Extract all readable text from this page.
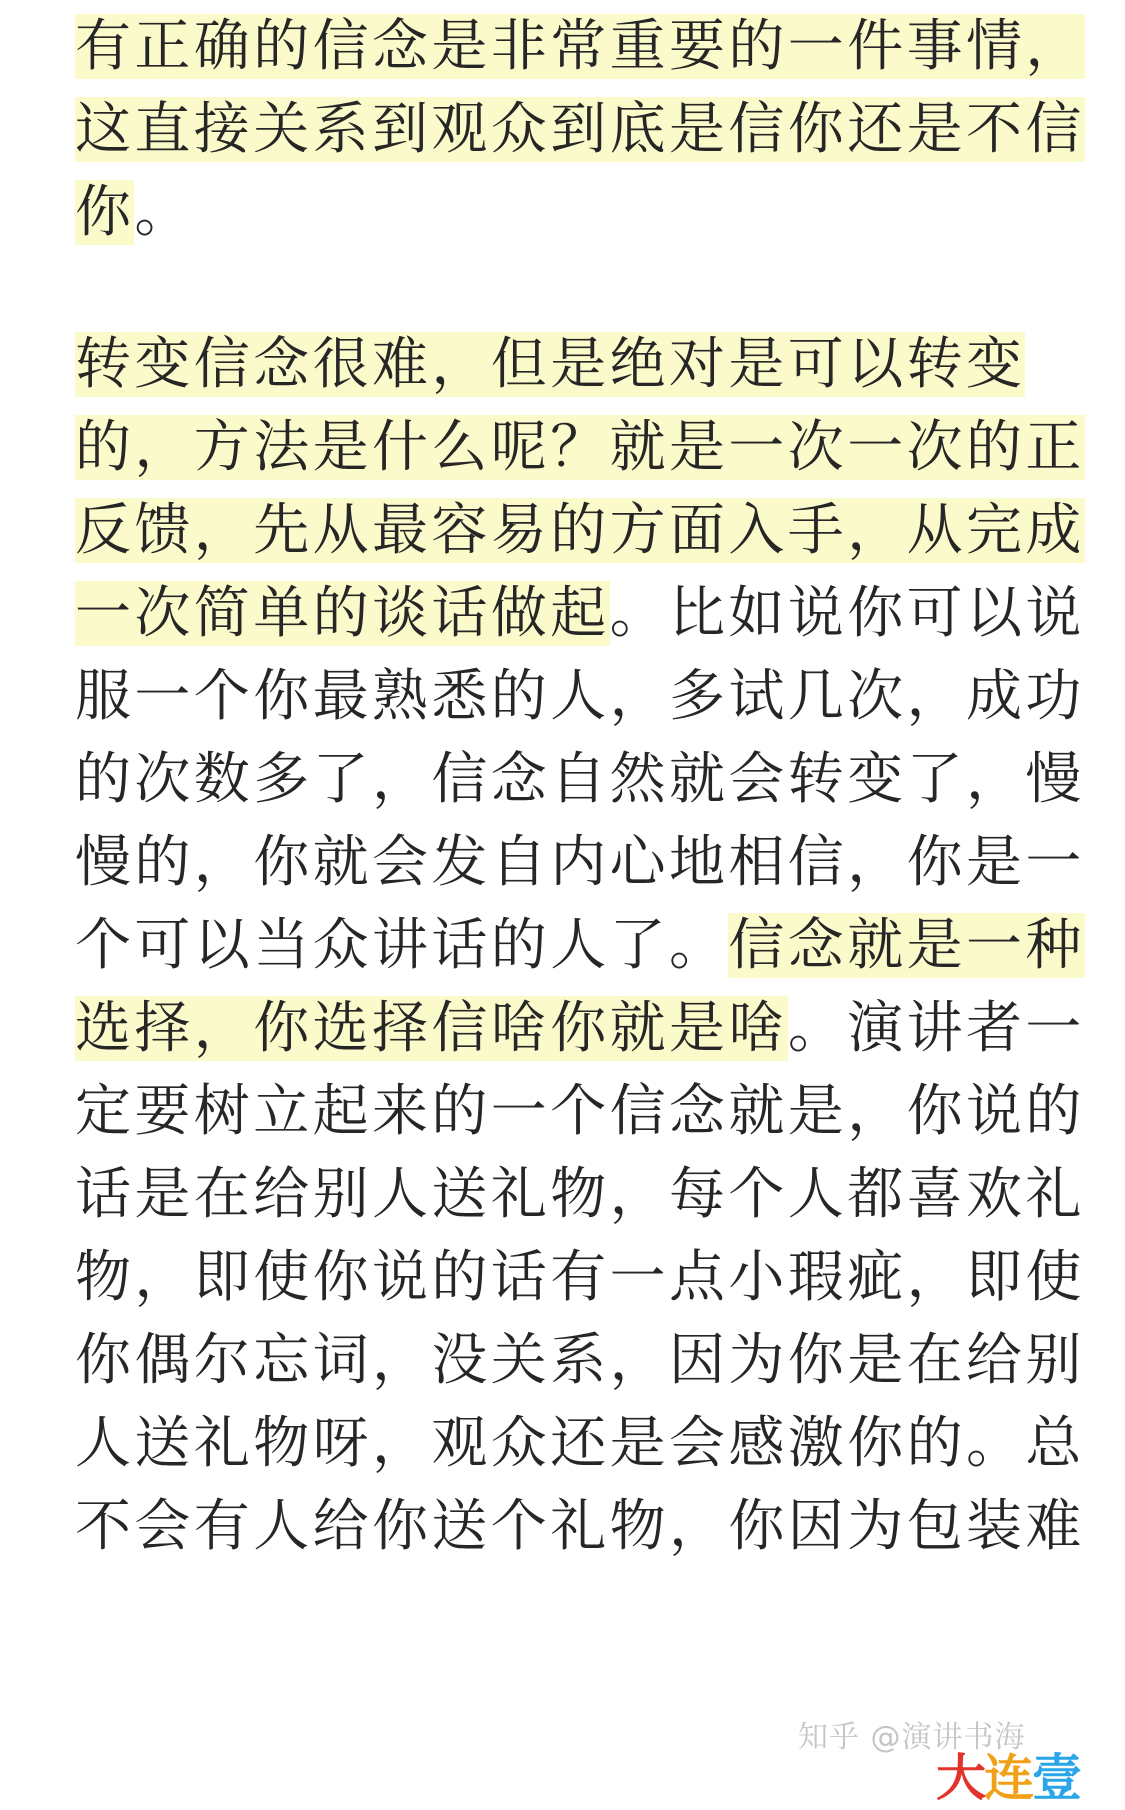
有正确的信念是非常重要的一件事情，
这直接关系到观众到底是信你还是不信
你。
转变信念很难，但是绝对是可以转变
的，方法是什么呢？就是一次一次的正
反馈，先从最容易的方面入手，从完成
一次简单的谈话做起。比如说你可以说
服一个你最熟悉的人，多试几次，成功
的次数多了，信念自然就会转变了，慢
慢的，你就会发自内心地相信，你是一
个可以当众讲话的人了。信念就是一种
选择，你选择信啥你就是啥。演讲者一
定要树立起来的一个信念就是，你说的
话是在给别人送礼物，每个人都喜欢礼
物，即使你说的话有一点小瑕疵，即使
你偶尔忘词，没关系，因为你是在给别
人送礼物呀，观众还是会感激你的。总
不会有人给你送个礼物，你因为包装难
知乎 @演讲书海
大连壹
